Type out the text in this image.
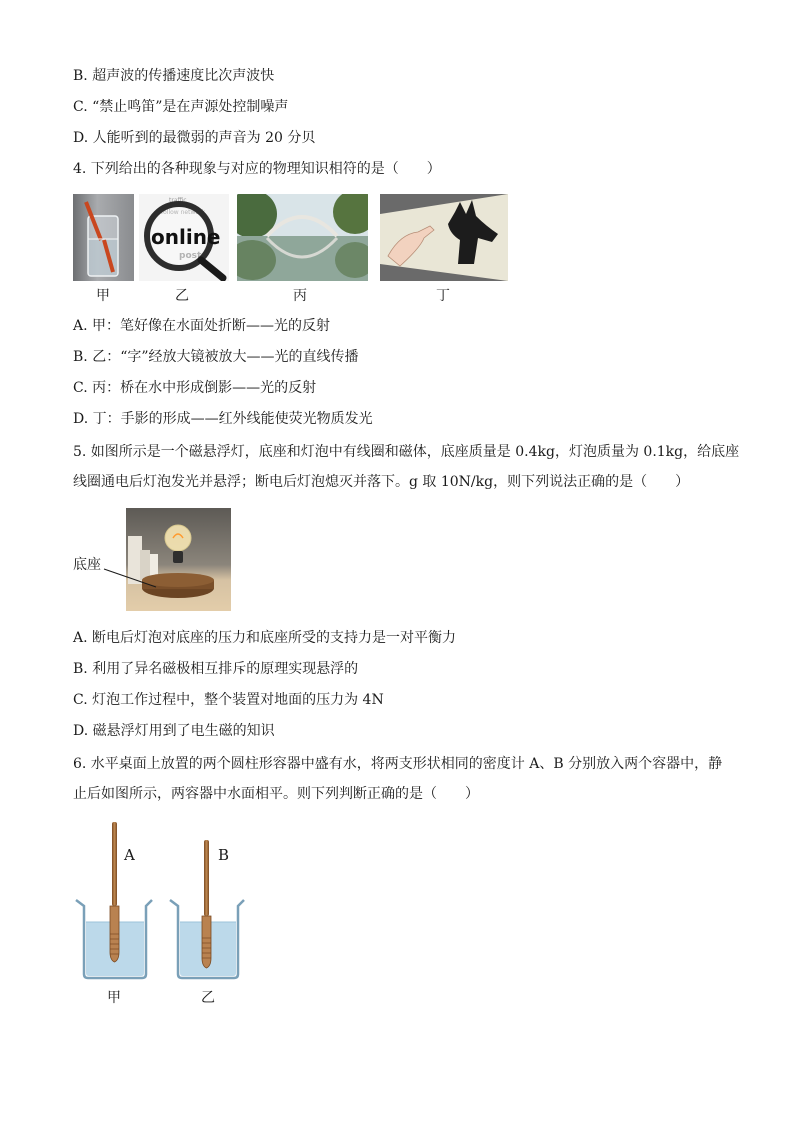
B. 超声波的传播速度比次声波快
C. “禁止鸣笛”是在声源处控制噪声
D. 人能听到的最微弱的声音为 20 分贝
4. 下列给出的各种现象与对应的物理知识相符的是（　　）
traffic
follow network
post
market
online
甲	乙	丙	丁
A. 甲：笔好像在水面处折断——光的反射
B. 乙：“字”经放大镜被放大——光的直线传播
C. 丙：桥在水中形成倒影——光的反射
D. 丁：手影的形成——红外线能使荧光物质发光
5. 如图所示是一个磁悬浮灯，底座和灯泡中有线圈和磁体，底座质量是 0.4kg，灯泡质量为 0.1kg，给底座
线圈通电后灯泡发光并悬浮；断电后灯泡熄灭并落下。g 取 10N/kg，则下列说法正确的是（　　）
底座
A. 断电后灯泡对底座的压力和底座所受的支持力是一对平衡力
B. 利用了异名磁极相互排斥的原理实现悬浮的
C. 灯泡工作过程中，整个装置对地面的压力为 4N
D. 磁悬浮灯用到了电生磁的知识
6. 水平桌面上放置的两个圆柱形容器中盛有水，将两支形状相同的密度计 A、B 分别放入两个容器中，静
止后如图所示，两容器中水面相平。则下列判断正确的是（　　）
A	B
甲	乙
